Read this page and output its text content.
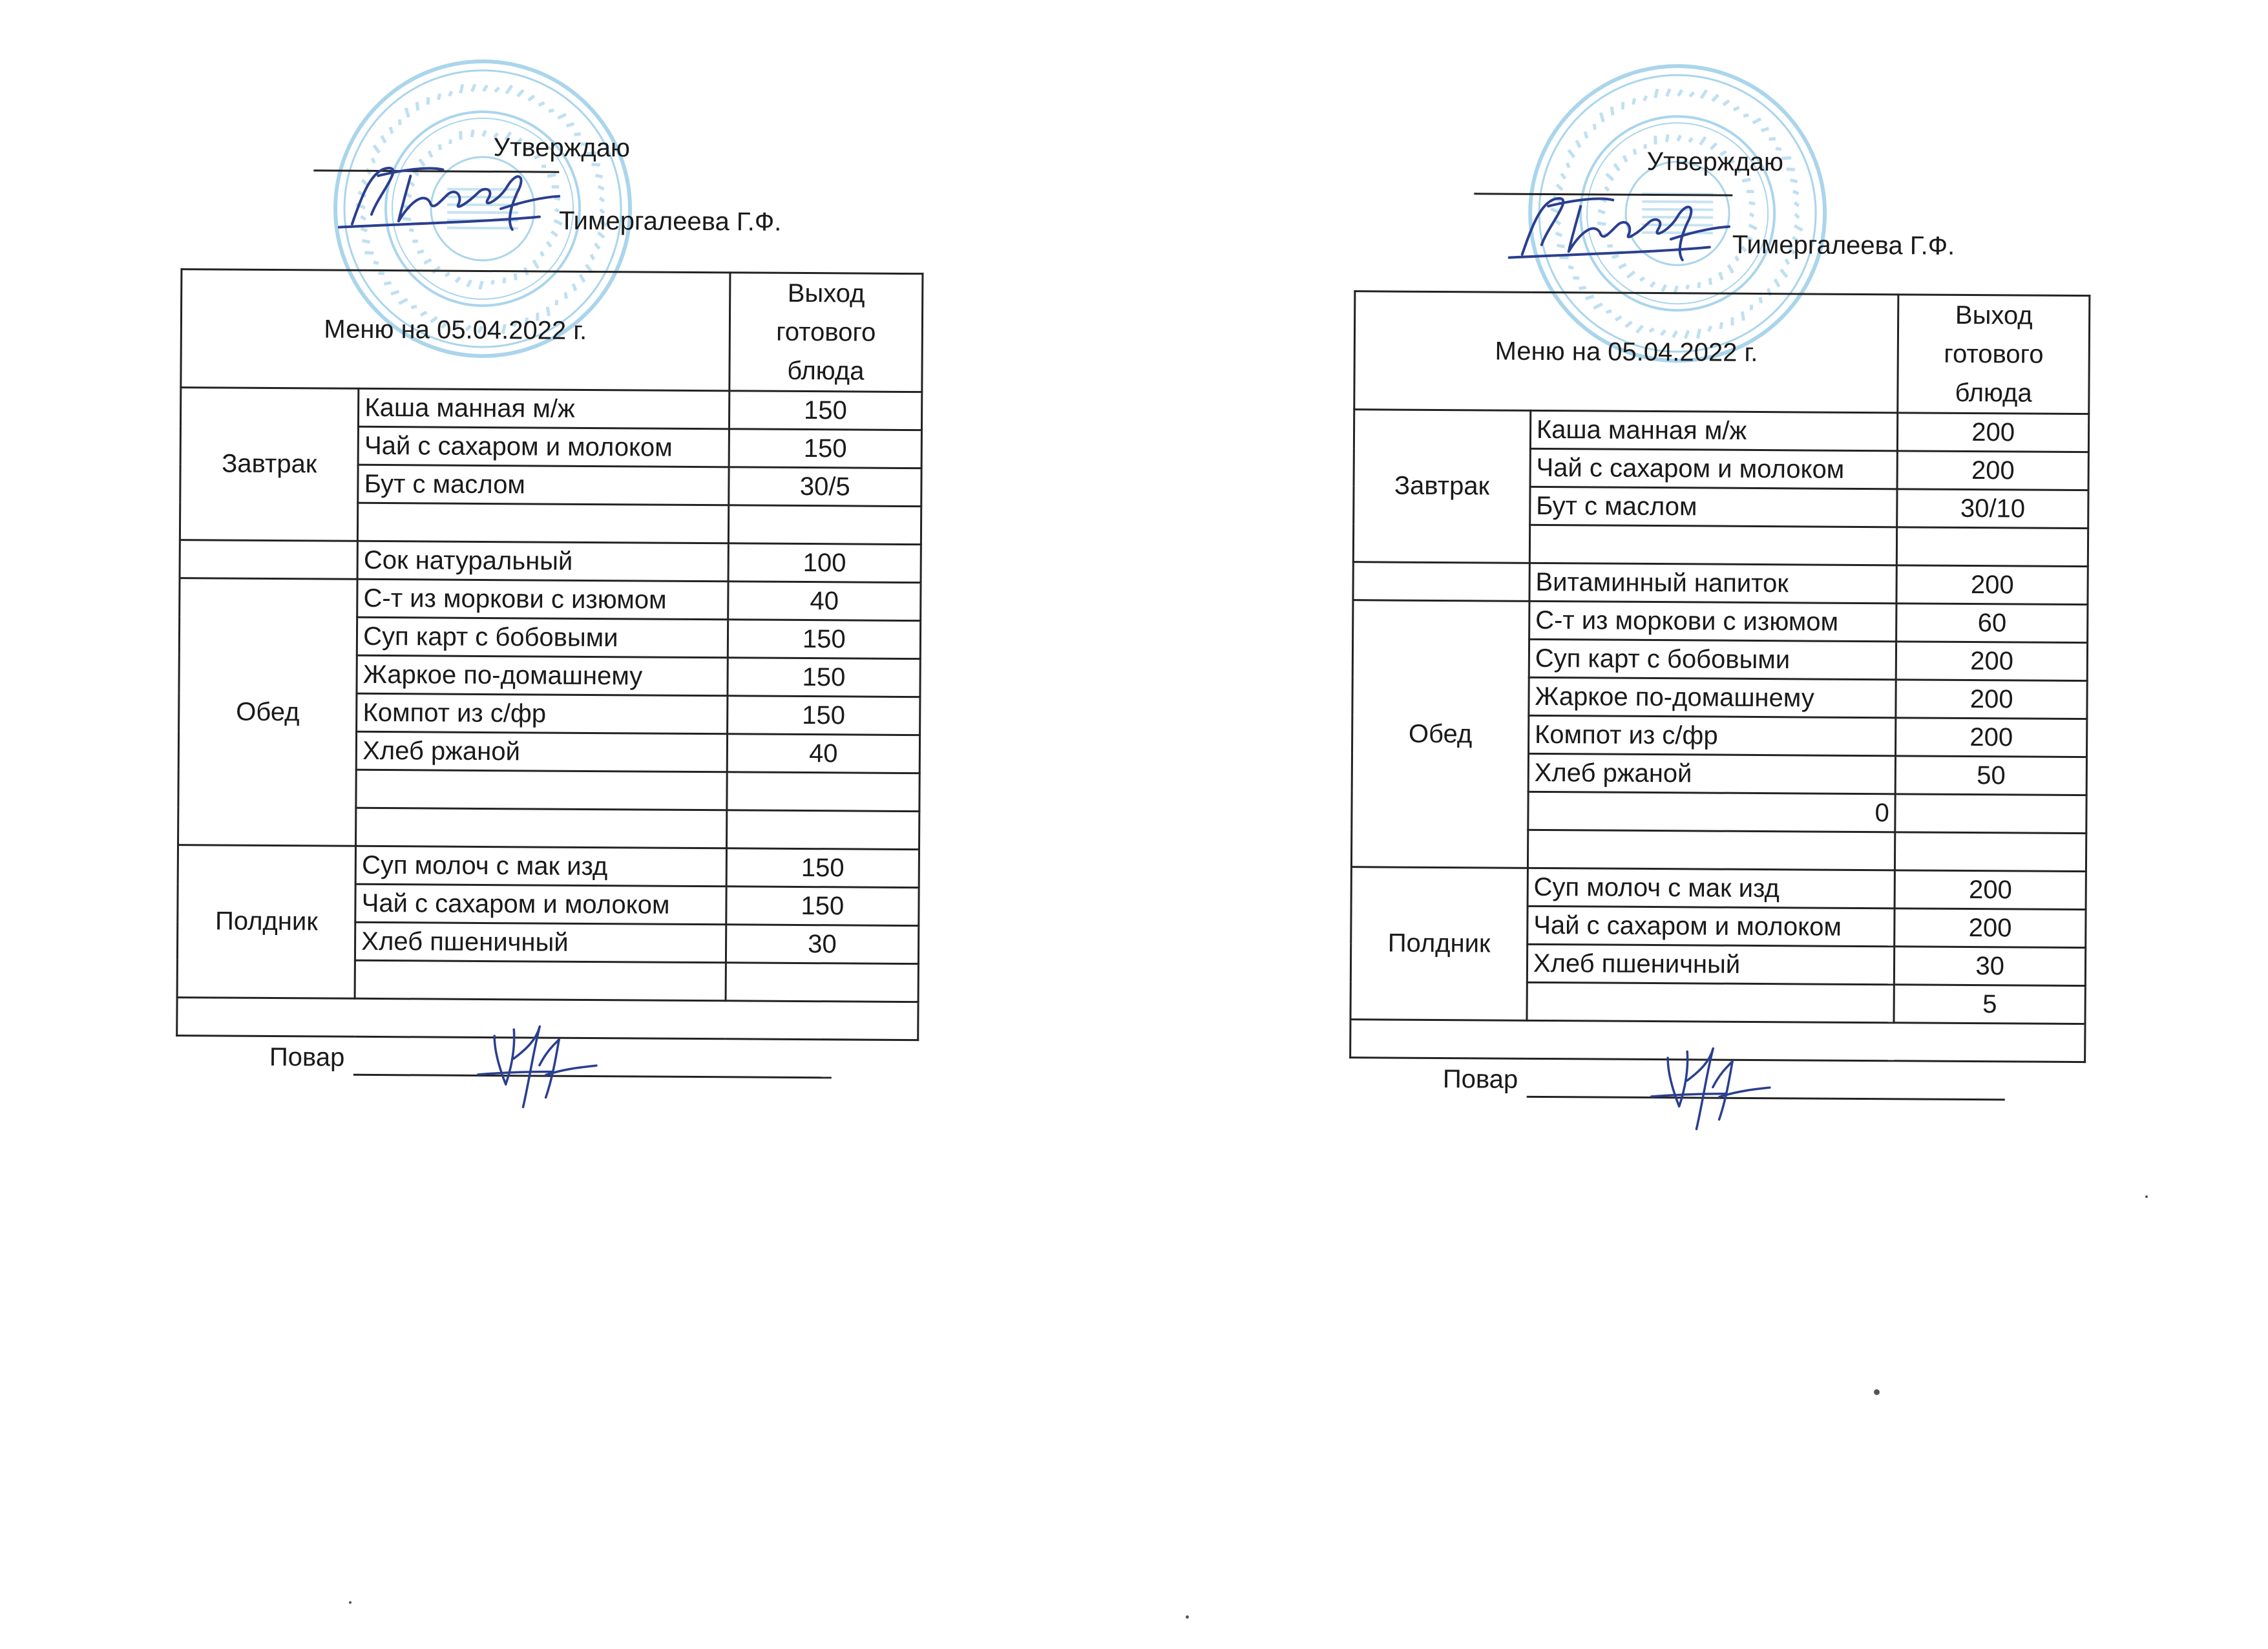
Утверждаю
Тимергалеева Г.Ф.
Меню на 05.04.2022 г.		Выход
готового
блюда

Завтрак	Каша манная м/ж	150
	Чай с сахаром и молоком	150
	Бут с маслом	30/5

	Сок натуральный	100
Обед	С-т из моркови с изюмом	40
	Суп карт с бобовыми	150
	Жаркое по-домашнему	150
	Компот из с/фр	150
	Хлеб ржаной	40

Полдник	Суп молоч с мак изд	150
	Чай с сахаром и молоком	150
	Хлеб пшеничный	30

Повар		
Утверждаю
Тимергалеева Г.Ф.
Меню на 05.04.2022 г.		Выход
готового
блюда

Завтрак	Каша манная м/ж	200
	Чай с сахаром и молоком	200
	Бут с маслом	30/10

	Витаминный напиток	200
Обед	С-т из моркови с изюмом	60
	Суп карт с бобовыми	200
	Жаркое по-домашнему	200
	Компот из с/фр	200
	Хлеб ржаной	50
	0	

Полдник	Суп молоч с мак изд	200
	Чай с сахаром и молоком	200
	Хлеб пшеничный	30
		5

Повар		
